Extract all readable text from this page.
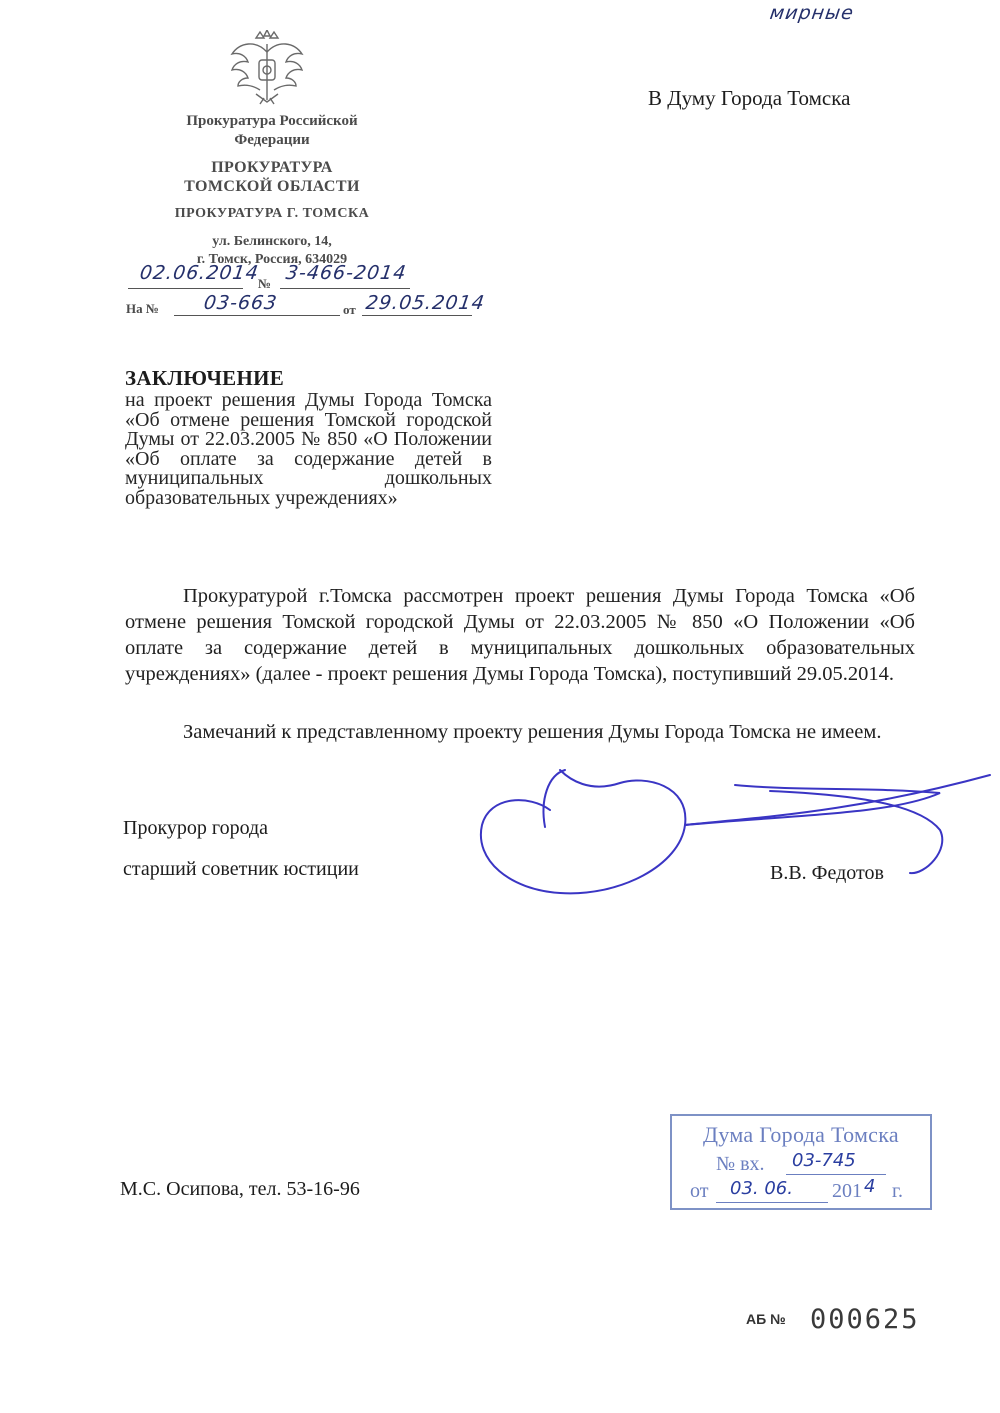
мирные
Прокуратура Российской
Федерации
ПРОКУРАТУРА
ТОМСКОЙ ОБЛАСТИ
ПРОКУРАТУРА Г. ТОМСКА
ул. Белинского, 14,
г. Томск, Россия, 634029
02.06.2014
№ 3-466-2014
На № 03-663	от 29.05.2014
В Думу Города Томска
ЗАКЛЮЧЕНИЕ
на проект решения Думы Города Томска «Об отмене решения Томской городской Думы от 22.03.2005 № 850 «О Положении «Об оплате за содержание детей в муниципальных дошкольных образовательных учреждениях»
Прокуратурой г.Томска рассмотрен проект решения Думы Города Томска «Об отмене решения Томской городской Думы от 22.03.2005 № 850 «О Положении «Об оплате за содержание детей в муниципальных дошкольных образовательных учреждениях» (далее - проект решения Думы Города Томска), поступивший 29.05.2014.
Замечаний к представленному проекту решения Думы Города Томска не имеем.
Прокурор города
старший советник юстиции	В.В. Федотов
М.С. Осипова, тел. 53-16-96
Дума Города Томска
№ вх. 03-745
от 03. 06. 201 4 г.
АБ № 000625
